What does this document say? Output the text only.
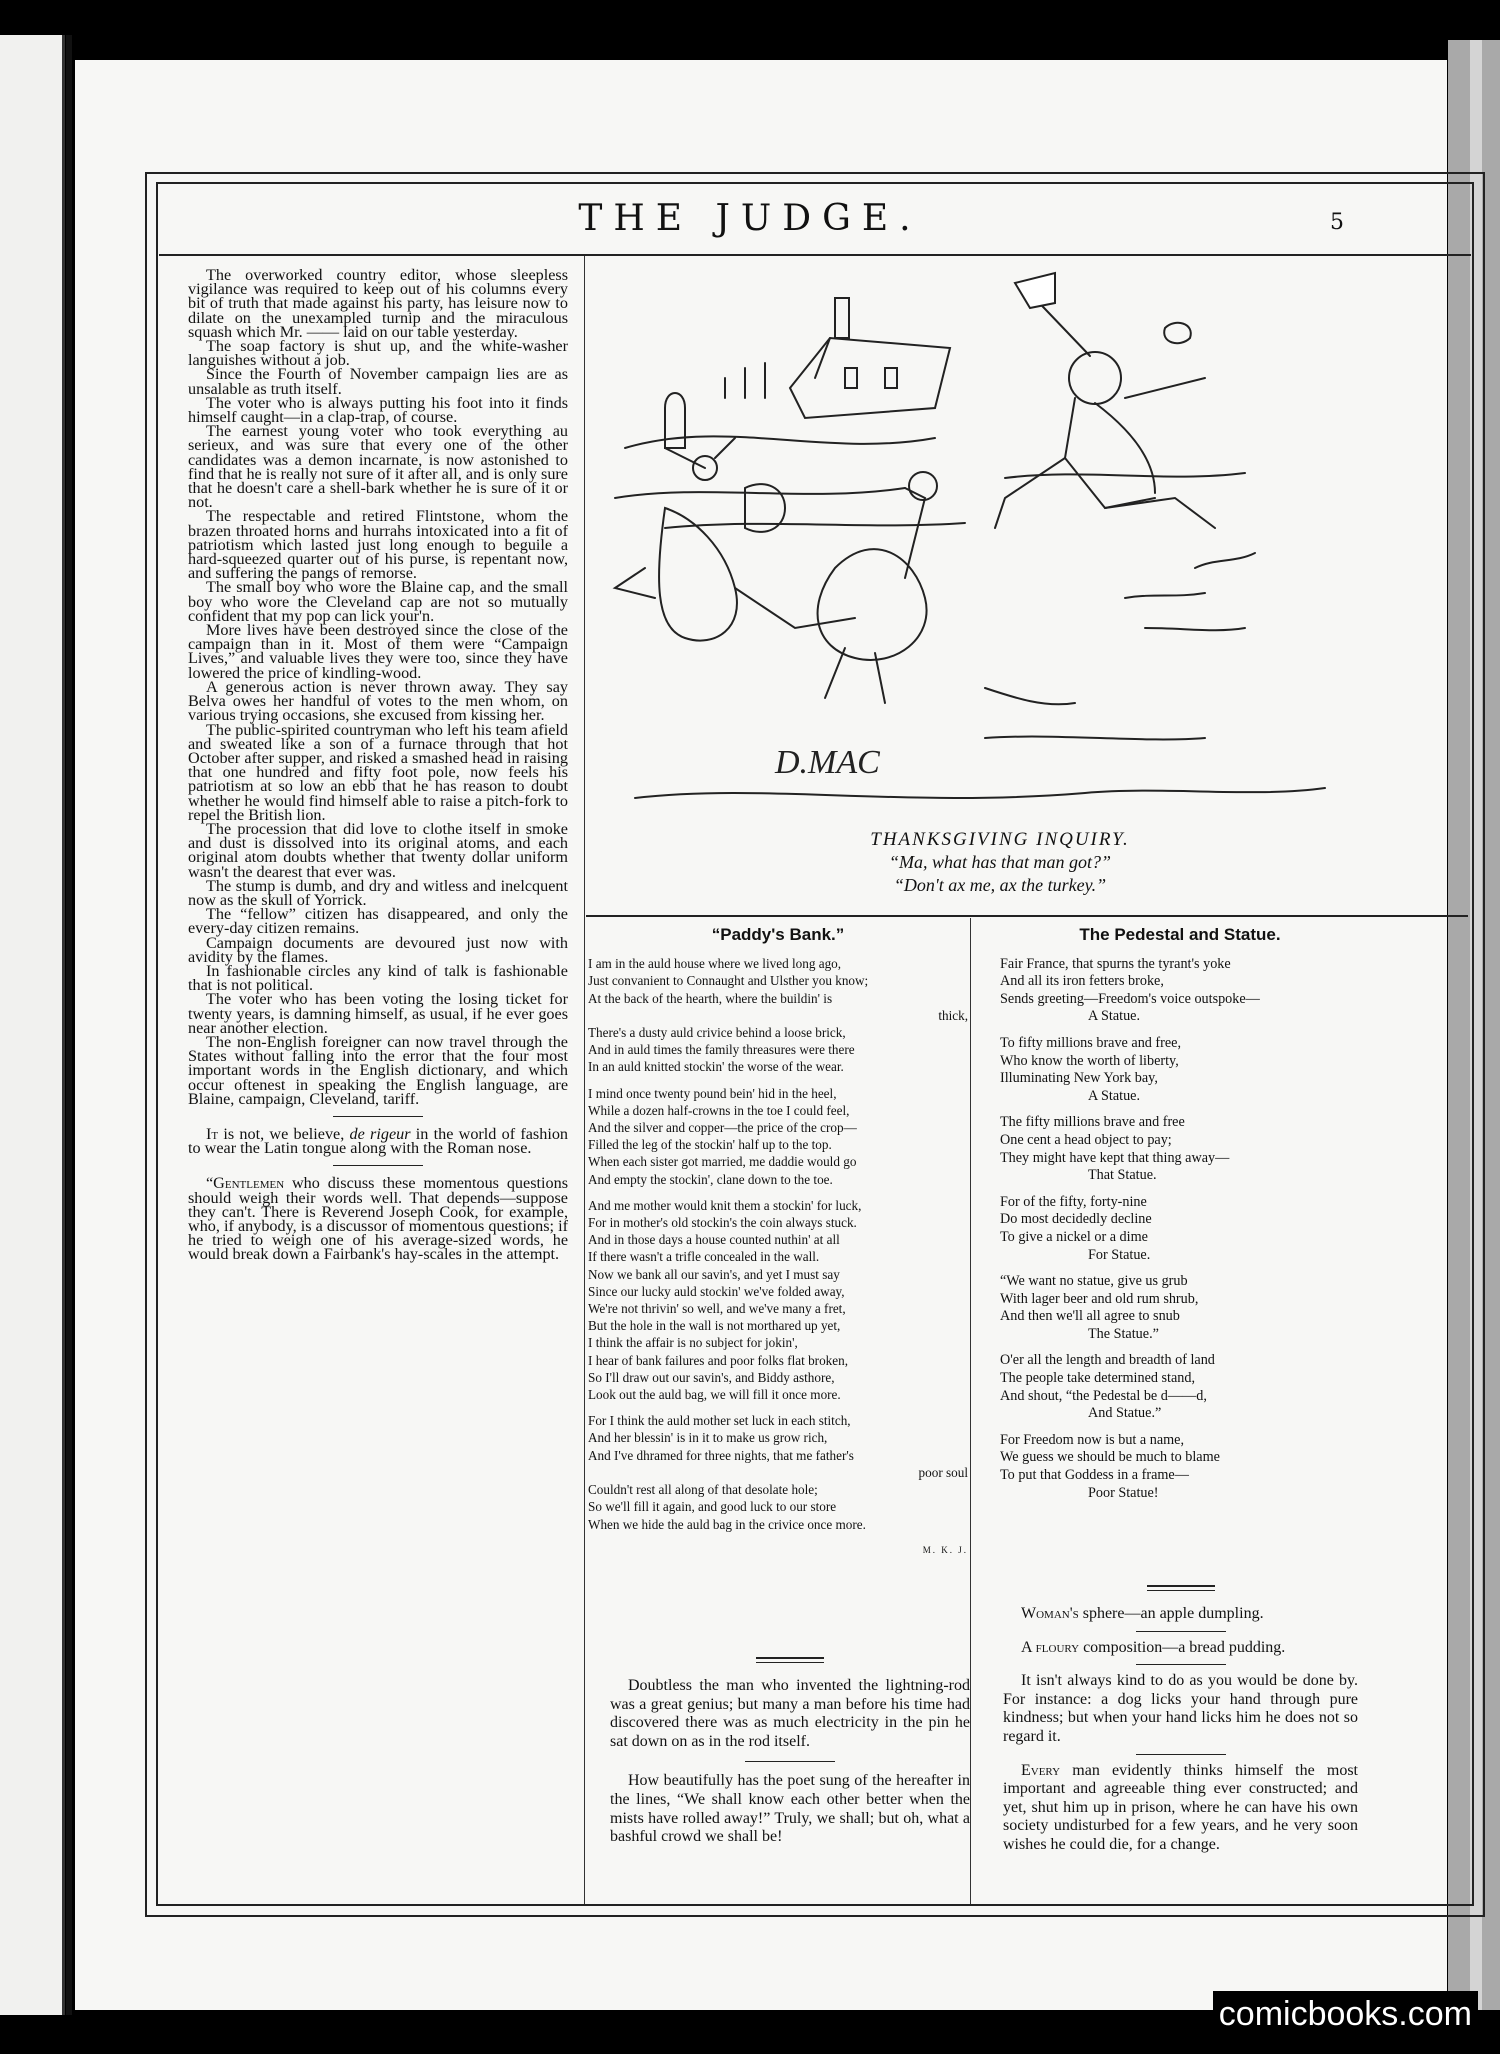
THE JUDGE.	5

The overworked country editor, whose sleepless vigilance was required to keep out of his columns every bit of truth that made against his party, has leisure now to dilate on the unexampled turnip and the miraculous squash which Mr. —— laid on our table yesterday.

The soap factory is shut up, and the white-washer languishes without a job.

Since the Fourth of November campaign lies are as unsalable as truth itself.

The voter who is always putting his foot into it finds himself caught—in a clap-trap, of course.

The earnest young voter who took everything au serieux, and was sure that every one of the other candidates was a demon incarnate, is now astonished to find that he is really not sure of it after all, and is only sure that he doesn't care a shell-bark whether he is sure of it or not.

The respectable and retired Flintstone, whom the brazen throated horns and hurrahs intoxicated into a fit of patriotism which lasted just long enough to beguile a hard-squeezed quarter out of his purse, is repentant now, and suffering the pangs of remorse.

The small boy who wore the Blaine cap, and the small boy who wore the Cleveland cap are not so mutually confident that my pop can lick your'n.

More lives have been destroyed since the close of the campaign than in it. Most of them were “Campaign Lives,” and valuable lives they were too, since they have lowered the price of kindling-wood.

A generous action is never thrown away. They say Belva owes her handful of votes to the men whom, on various trying occasions, she excused from kissing her.

The public-spirited countryman who left his team afield and sweated like a son of a furnace through that hot October after supper, and risked a smashed head in raising that one hundred and fifty foot pole, now feels his patriotism at so low an ebb that he has reason to doubt whether he would find himself able to raise a pitch-fork to repel the British lion.

The procession that did love to clothe itself in smoke and dust is dissolved into its original atoms, and each original atom doubts whether that twenty dollar uniform wasn't the dearest that ever was.

The stump is dumb, and dry and witless and inelcquent now as the skull of Yorrick.

The “fellow” citizen has disappeared, and only the every-day citizen remains.

Campaign documents are devoured just now with avidity by the flames.

In fashionable circles any kind of talk is fashionable that is not political.

The voter who has been voting the losing ticket for twenty years, is damning himself, as usual, if he ever goes near another election.

The non-English foreigner can now travel through the States without falling into the error that the four most important words in the English dictionary, and which occur oftenest in speaking the English language, are Blaine, campaign, Cleveland, tariff.

It is not, we believe, de rigeur in the world of fashion to wear the Latin tongue along with the Roman nose.

“Gentlemen who discuss these momentous questions should weigh their words well. That depends—suppose they can't. There is Reverend Joseph Cook, for example, who, if anybody, is a discussor of momentous questions; if he tried to weigh one of his average-sized words, he would break down a Fairbank's hay-scales in the attempt.

D.MAC
THANKSGIVING INQUIRY.
“Ma, what has that man got?”
“Don't ax me, ax the turkey.”
“Paddy's Bank.”
I am in the auld house where we lived long ago,
Just convanient to Connaught and Ulsther you know;
At the back of the hearth, where the buildin' is
thick,
There's a dusty auld crivice behind a loose brick,
And in auld times the family threasures were there
In an auld knitted stockin' the worse of the wear.
I mind once twenty pound bein' hid in the heel,
While a dozen half-crowns in the toe I could feel,
And the silver and copper—the price of the crop—
Filled the leg of the stockin' half up to the top.
When each sister got married, me daddie would go
And empty the stockin', clane down to the toe.
And me mother would knit them a stockin' for luck,
For in mother's old stockin's the coin always stuck.
And in those days a house counted nuthin' at all
If there wasn't a trifle concealed in the wall.
Now we bank all our savin's, and yet I must say
Since our lucky auld stockin' we've folded away,
We're not thrivin' so well, and we've many a fret,
But the hole in the wall is not morthared up yet,
I think the affair is no subject for jokin',
I hear of bank failures and poor folks flat broken,
So I'll draw out our savin's, and Biddy asthore,
Look out the auld bag, we will fill it once more.
For I think the auld mother set luck in each stitch,
And her blessin' is in it to make us grow rich,
And I've dhramed for three nights, that me father's
poor soul
Couldn't rest all along of that desolate hole;
So we'll fill it again, and good luck to our store
When we hide the auld bag in the crivice once more.
M. K. J.

Doubtless the man who invented the lightning-rod was a great genius; but many a man before his time had discovered there was as much electricity in the pin he sat down on as in the rod itself.

How beautifully has the poet sung of the hereafter in the lines, “We shall know each other better when the mists have rolled away!” Truly, we shall; but oh, what a bashful crowd we shall be!

The Pedestal and Statue.
Fair France, that spurns the tyrant's yoke
And all its iron fetters broke,
Sends greeting—Freedom's voice outspoke—
A Statue.
To fifty millions brave and free,
Who know the worth of liberty,
Illuminating New York bay,
A Statue.
The fifty millions brave and free
One cent a head object to pay;
They might have kept that thing away—
That Statue.
For of the fifty, forty-nine
Do most decidedly decline
To give a nickel or a dime
For Statue.
“We want no statue, give us grub
With lager beer and old rum shrub,
And then we'll all agree to snub
The Statue.”
O'er all the length and breadth of land
The people take determined stand,
And shout, “the Pedestal be d——d,
And Statue.”
For Freedom now is but a name,
We guess we should be much to blame
To put that Goddess in a frame—
Poor Statue!

Woman's sphere—an apple dumpling.

A floury composition—a bread pudding.

It isn't always kind to do as you would be done by. For instance: a dog licks your hand through pure kindness; but when your hand licks him he does not so regard it.

Every man evidently thinks himself the most important and agreeable thing ever constructed; and yet, shut him up in prison, where he can have his own society undisturbed for a few years, and he very soon wishes he could die, for a change.

comicbooks.com
